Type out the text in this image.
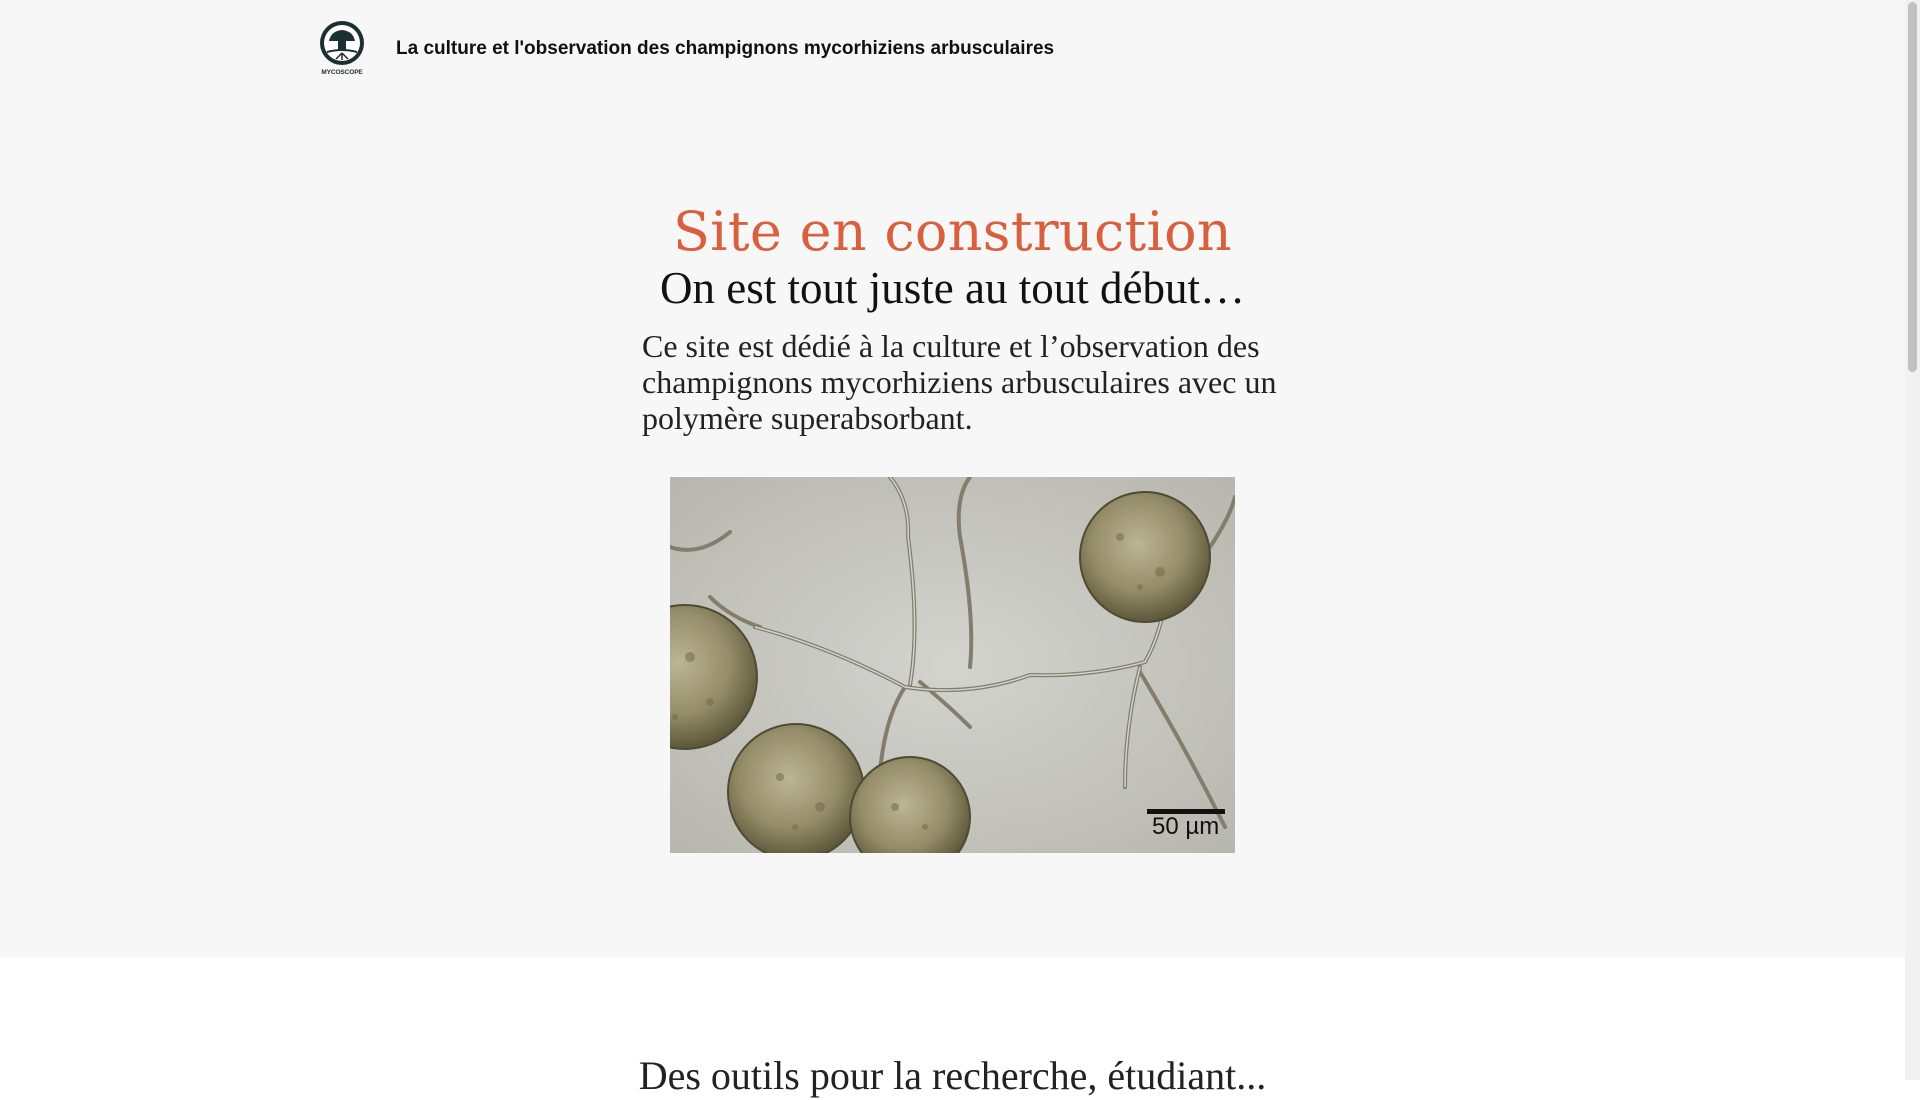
MYCOSCOPE
La culture et l'observation des champignons mycorhiziens arbusculaires
Site en construction
On est tout juste au tout début…
Ce site est dédié à la culture et l’observation des champignons mycorhiziens arbusculaires avec un polymère superabsorbant.
50 µm
Des outils pour la recherche, étudiant...
